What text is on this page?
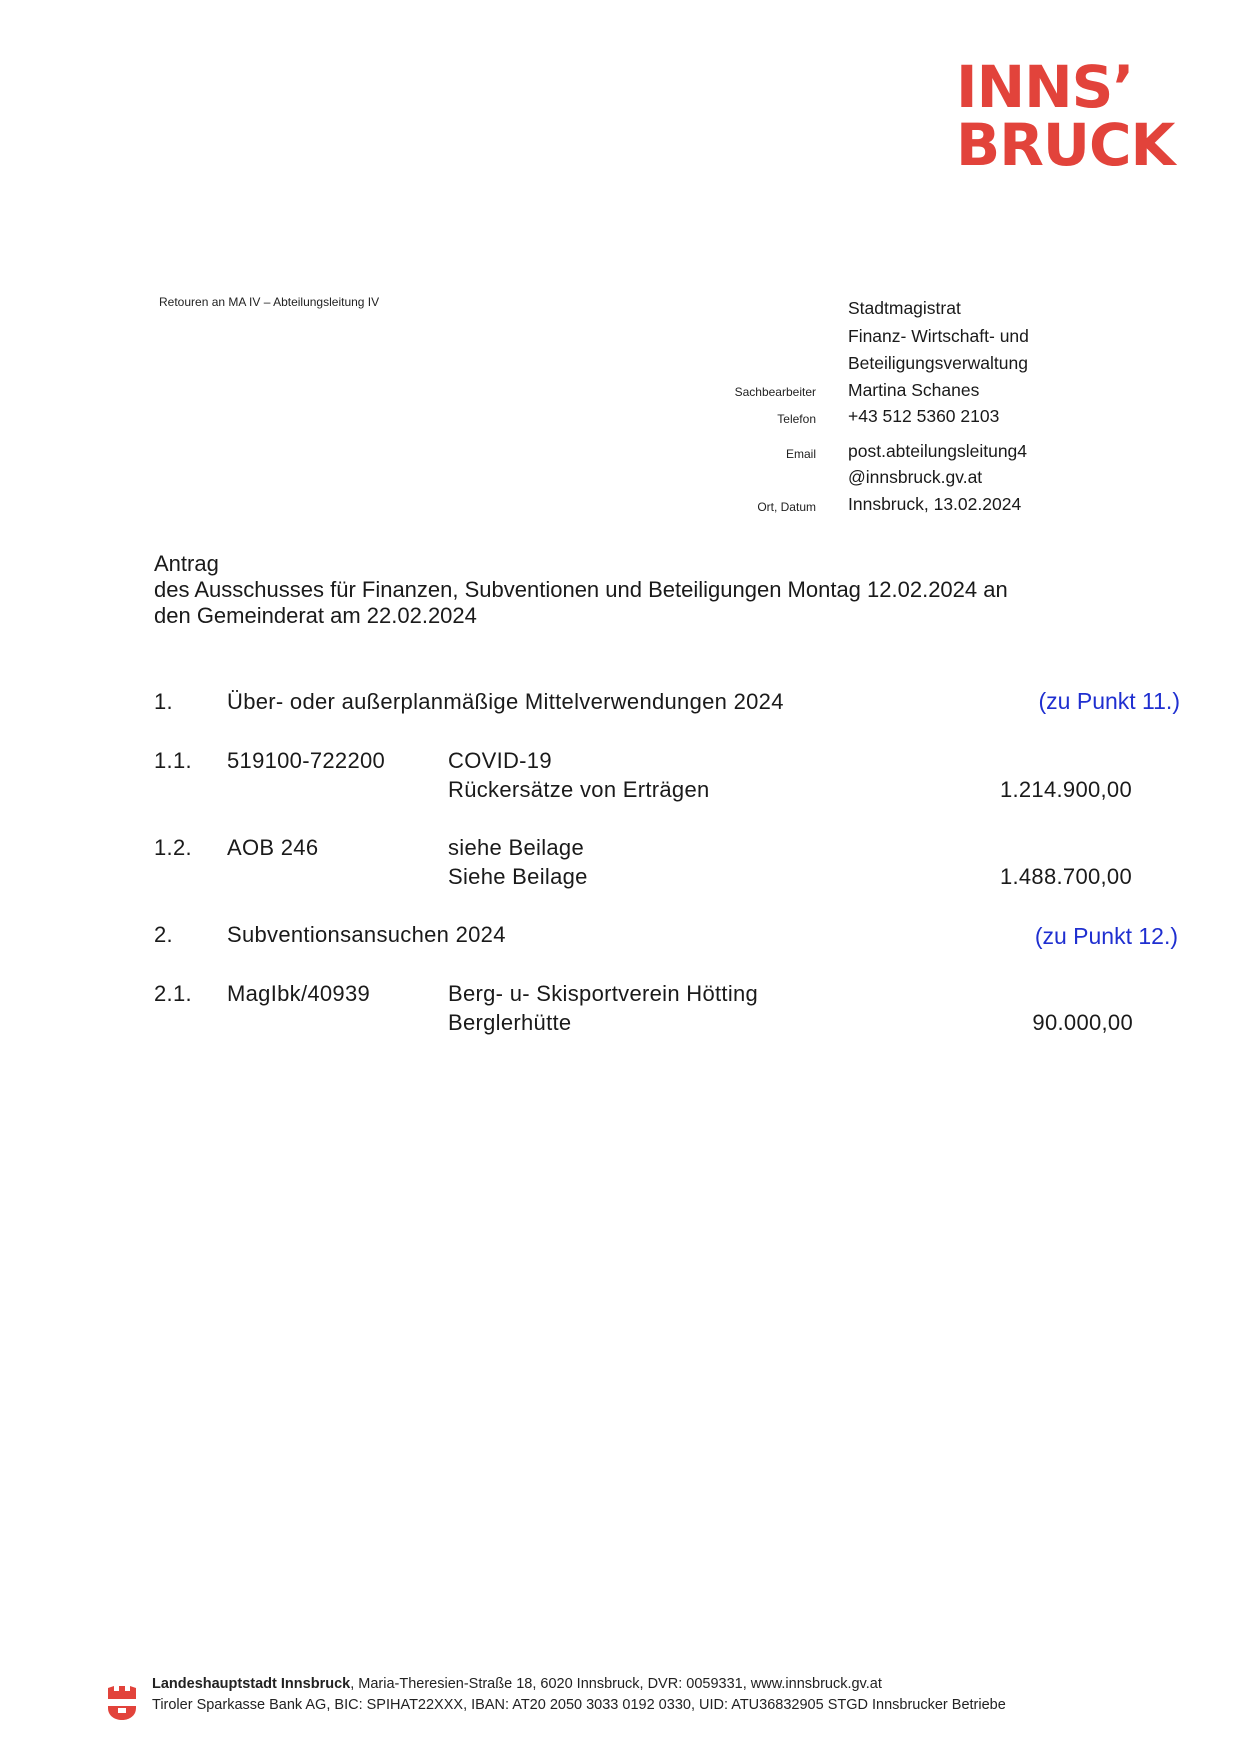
INNS’
BRUCK
Retouren an MA IV – Abteilungsleitung IV	Stadtmagistrat
Finanz- Wirtschaft- und
Beteiligungsverwaltung
Sachbearbeiter Martina Schanes
Telefon +43 512 5360 2103
Email post.abteilungsleitung4
@innsbruck.gv.at
Ort, Datum Innsbruck, 13.02.2024
Antrag
des Ausschusses für Finanzen, Subventionen und Beteiligungen Montag 12.02.2024 an
den Gemeinderat am 22.02.2024
1. Über- oder außerplanmäßige Mittelverwendungen 2024	(zu Punkt 11.)
1.1. 519100-722200	COVID-19
Rückersätze von Erträgen	1.214.900,00
1.2. AOB 246	siehe Beilage
Siehe Beilage	1.488.700,00
2. Subventionsansuchen 2024	(zu Punkt 12.)
2.1. MagIbk/40939	Berg- u- Skisportverein Hötting
Berglerhütte	90.000,00
Landeshauptstadt Innsbruck, Maria-Theresien-Straße 18, 6020 Innsbruck, DVR: 0059331, www.innsbruck.gv.at
Tiroler Sparkasse Bank AG, BIC: SPIHAT22XXX, IBAN: AT20 2050 3033 0192 0330, UID: ATU36832905 STGD Innsbrucker Betriebe
